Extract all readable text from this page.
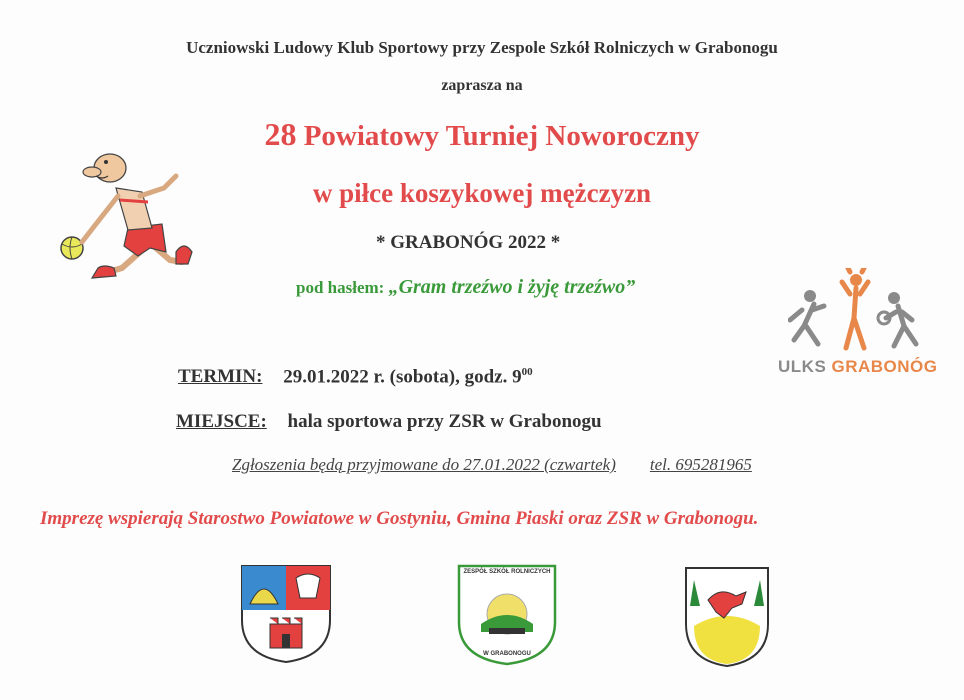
Uczniowski Ludowy Klub Sportowy przy Zespole Szkół Rolniczych w Grabonogu
zaprasza na
28 Powiatowy Turniej Noworoczny
w piłce koszykowej mężczyzn
* GRABONÓG 2022 *
pod hasłem: „Gram trzeźwo i żyję trzeźwo”
ULKS GRABONÓG
TERMIN: 29.01.2022 r. (sobota), godz. $9^{00}$
MIEJSCE: hala sportowa przy ZSR w Grabonogu
Zgłoszenia będą przyjmowane do 27.01.2022 (czwartek) tel. 695281965
Imprezę wspierają Starostwo Powiatowe w Gostyniu, Gmina Piaski oraz ZSR w Grabonogu.
ZESPÓŁ SZKÓŁ ROLNICZYCH
W GRABONOGU
